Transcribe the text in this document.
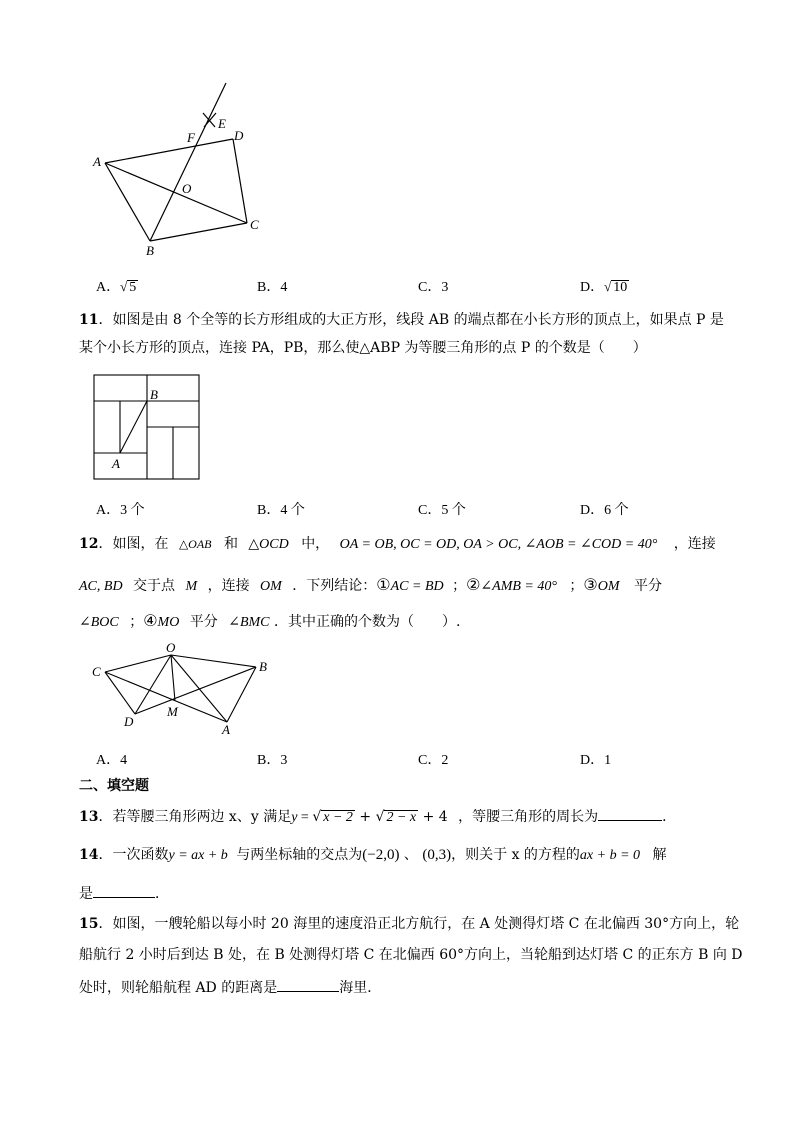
A
B
C
D
E
F
O
A．√ 5	B．4	C．3	D．√ 10
11．如图是由 8 个全等的长方形组成的大正方形，线段 AB 的端点都在小长方形的顶点上，如果点 P 是
某个小长方形的顶点，连接 PA，PB，那么使△ABP 为等腰三角形的点 P 的个数是（　　）
B
A
A．3 个	B．4 个	C．5 个	D．6 个
12．如图，在 △OAB 和 △OCD 中， OA = OB, OC = OD, OA > OC, ∠AOB = ∠COD = 40° ，连接
AC, BD 交于点 M ，连接 OM ．下列结论：①AC = BD ；②∠AMB = 40° ；③OM 平分
∠BOC ；④MO 平分 ∠BMC ．其中正确的个数为（　　）.
O
C	B
D
M
A
A．4	B．3	C．2	D．1
二、填空题
13．若等腰三角形两边 x、y 满足y = √ x − 2 + √ 2 − x + 4 ，等腰三角形的周长为	．
14．一次函数y = ax + b 与两坐标轴的交点为(−2,0) 、 (0,3)，则关于 x 的方程的ax + b = 0 解
是	．
15．如图，一艘轮船以每小时 20 海里的速度沿正北方航行，在 A 处测得灯塔 C 在北偏西 30°方向上，轮
船航行 2 小时后到达 B 处，在 B 处测得灯塔 C 在北偏西 60°方向上，当轮船到达灯塔 C 的正东方 B 向 D
处时，则轮船航程 AD 的距离是	海里．
